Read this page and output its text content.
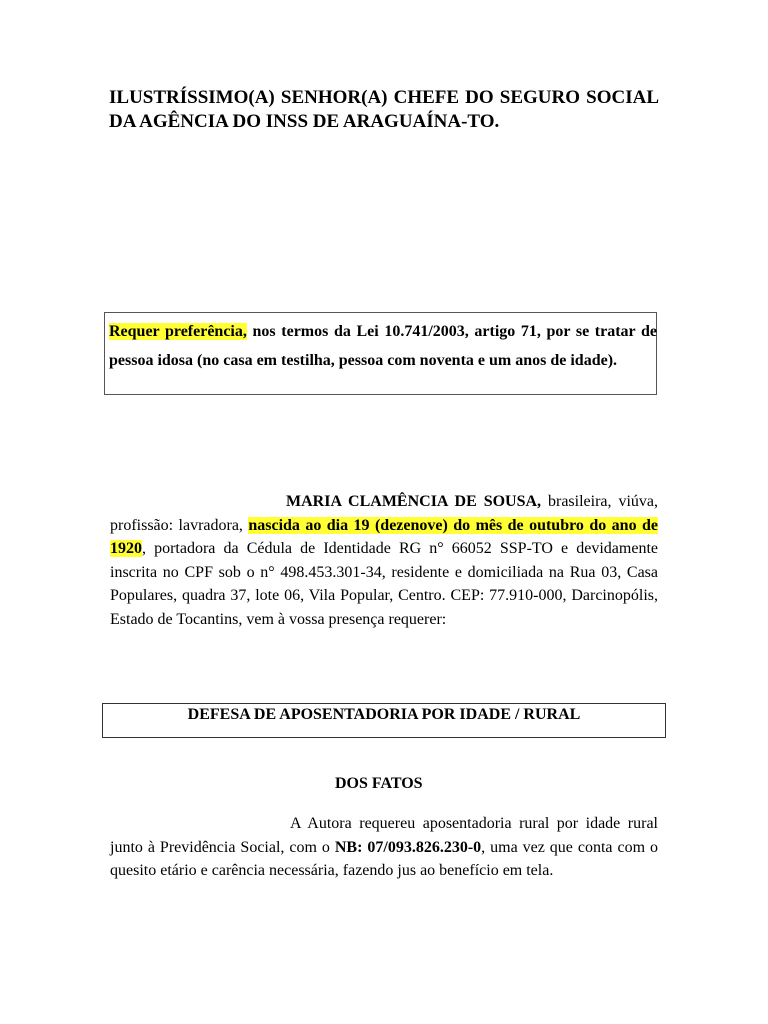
ILUSTRÍSSIMO(A) SENHOR(A) CHEFE DO SEGURO SOCIAL DA AGÊNCIA DO INSS DE ARAGUAÍNA-TO.
Requer preferência, nos termos da Lei 10.741/2003, artigo 71, por se tratar de pessoa idosa (no casa em testilha, pessoa com noventa e um anos de idade).
MARIA CLAMÊNCIA DE SOUSA, brasileira, viúva, profissão: lavradora, nascida ao dia 19 (dezenove) do mês de outubro do ano de 1920, portadora da Cédula de Identidade RG n° 66052 SSP-TO e devidamente inscrita no CPF sob o n° 498.453.301-34, residente e domiciliada na Rua 03, Casa Populares, quadra 37, lote 06, Vila Popular, Centro. CEP: 77.910-000, Darcinopólis, Estado de Tocantins, vem à vossa presença requerer:
DEFESA DE APOSENTADORIA POR IDADE / RURAL
DOS FATOS
A Autora requereu aposentadoria rural por idade rural junto à Previdência Social, com o NB: 07/093.826.230-0, uma vez que conta com o quesito etário e carência necessária, fazendo jus ao benefício em tela.
